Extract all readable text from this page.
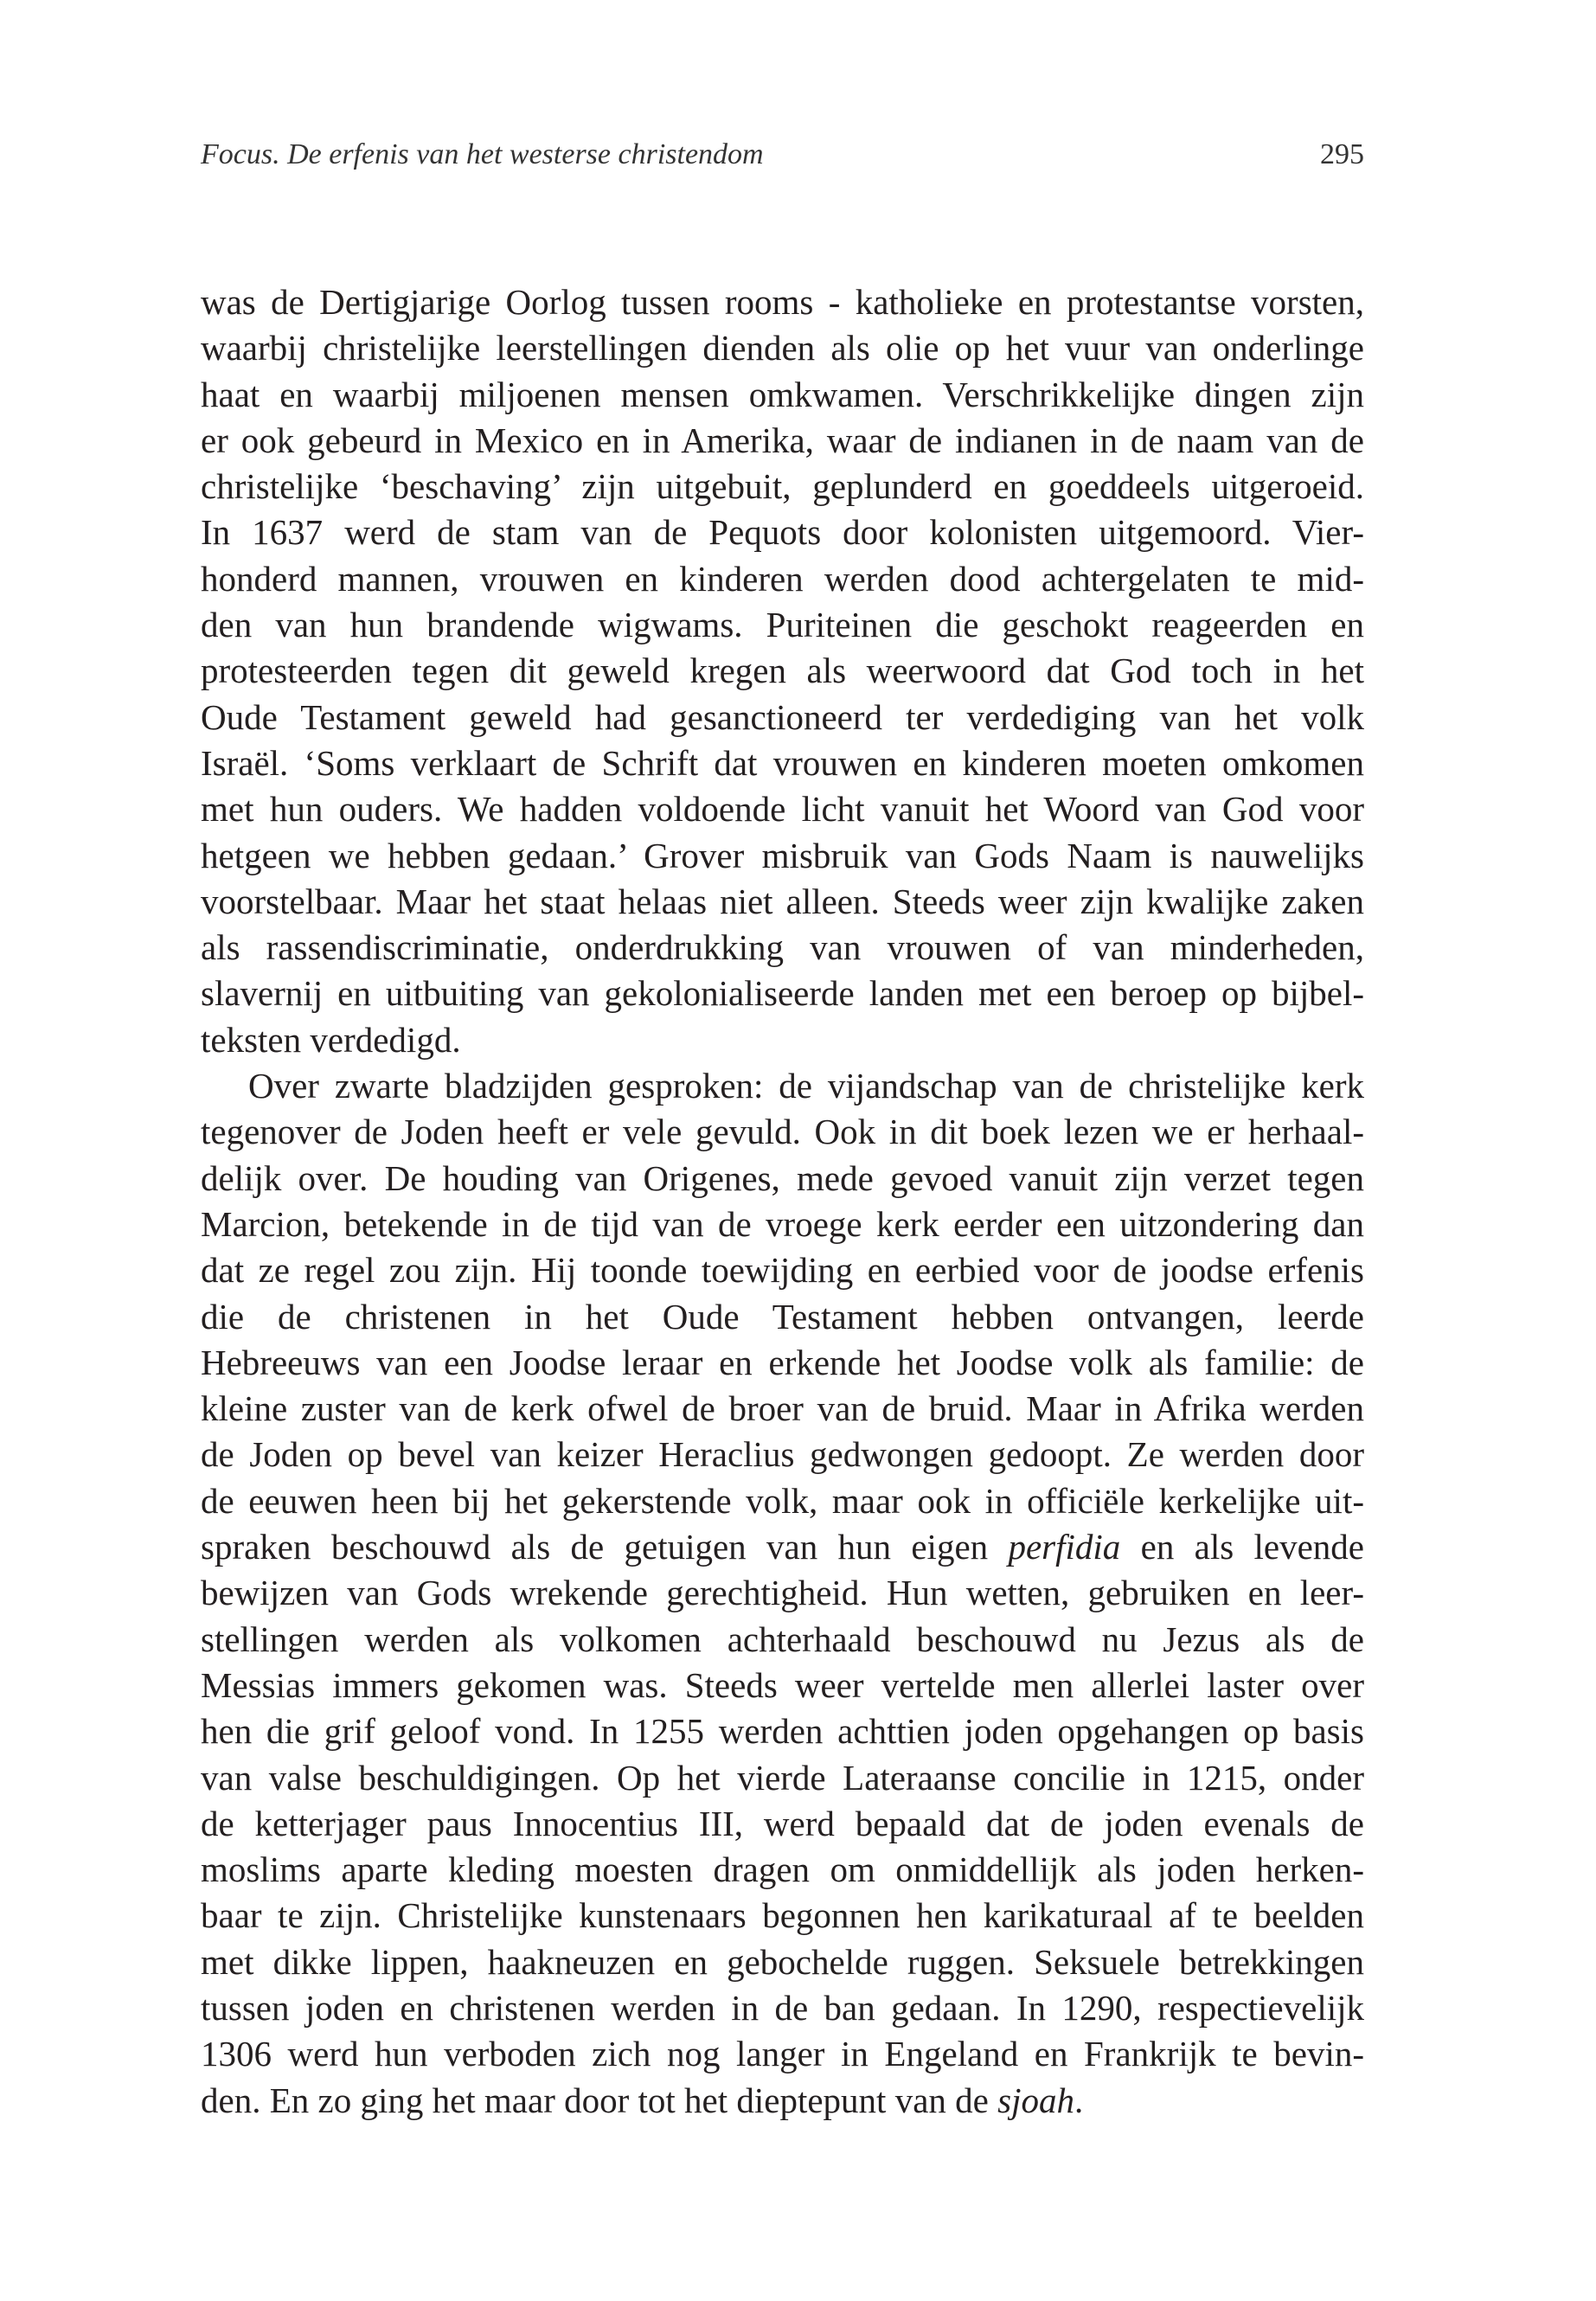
Focus. De erfenis van het westerse christendom	295
was de Dertigjarige Oorlog tussen rooms - katholieke en protestantse vorsten,
waarbij christelijke leerstellingen dienden als olie op het vuur van onderlinge
haat en waarbij miljoenen mensen omkwamen. Verschrikkelijke dingen zijn
er ook gebeurd in Mexico en in Amerika, waar de indianen in de naam van de
christelijke ‘beschaving’ zijn uitgebuit, geplunderd en goeddeels uitgeroeid.
In 1637 werd de stam van de Pequots door kolonisten uitgemoord. Vier-
honderd mannen, vrouwen en kinderen werden dood achtergelaten te mid-
den van hun brandende wigwams. Puriteinen die geschokt reageerden en
protesteerden tegen dit geweld kregen als weerwoord dat God toch in het
Oude Testament geweld had gesanctioneerd ter verdediging van het volk
Israël. ‘Soms verklaart de Schrift dat vrouwen en kinderen moeten omkomen
met hun ouders. We hadden voldoende licht vanuit het Woord van God voor
hetgeen we hebben gedaan.’ Grover misbruik van Gods Naam is nauwelijks
voorstelbaar. Maar het staat helaas niet alleen. Steeds weer zijn kwalijke zaken
als rassendiscriminatie, onderdrukking van vrouwen of van minderheden,
slavernij en uitbuiting van gekolonialiseerde landen met een beroep op bijbel-
teksten verdedigd.
Over zwarte bladzijden gesproken: de vijandschap van de christelijke kerk
tegenover de Joden heeft er vele gevuld. Ook in dit boek lezen we er herhaal-
delijk over. De houding van Origenes, mede gevoed vanuit zijn verzet tegen
Marcion, betekende in de tijd van de vroege kerk eerder een uitzondering dan
dat ze regel zou zijn. Hij toonde toewijding en eerbied voor de joodse erfenis
die de christenen in het Oude Testament hebben ontvangen, leerde
Hebreeuws van een Joodse leraar en erkende het Joodse volk als familie: de
kleine zuster van de kerk ofwel de broer van de bruid. Maar in Afrika werden
de Joden op bevel van keizer Heraclius gedwongen gedoopt. Ze werden door
de eeuwen heen bij het gekerstende volk, maar ook in officiële kerkelijke uit-
spraken beschouwd als de getuigen van hun eigen perfidia en als levende
bewijzen van Gods wrekende gerechtigheid. Hun wetten, gebruiken en leer-
stellingen werden als volkomen achterhaald beschouwd nu Jezus als de
Messias immers gekomen was. Steeds weer vertelde men allerlei laster over
hen die grif geloof vond. In 1255 werden achttien joden opgehangen op basis
van valse beschuldigingen. Op het vierde Lateraanse concilie in 1215, onder
de ketterjager paus Innocentius III, werd bepaald dat de joden evenals de
moslims aparte kleding moesten dragen om onmiddellijk als joden herken-
baar te zijn. Christelijke kunstenaars begonnen hen karikaturaal af te beelden
met dikke lippen, haakneuzen en gebochelde ruggen. Seksuele betrekkingen
tussen joden en christenen werden in de ban gedaan. In 1290, respectievelijk
1306 werd hun verboden zich nog langer in Engeland en Frankrijk te bevin-
den. En zo ging het maar door tot het dieptepunt van de sjoah.
